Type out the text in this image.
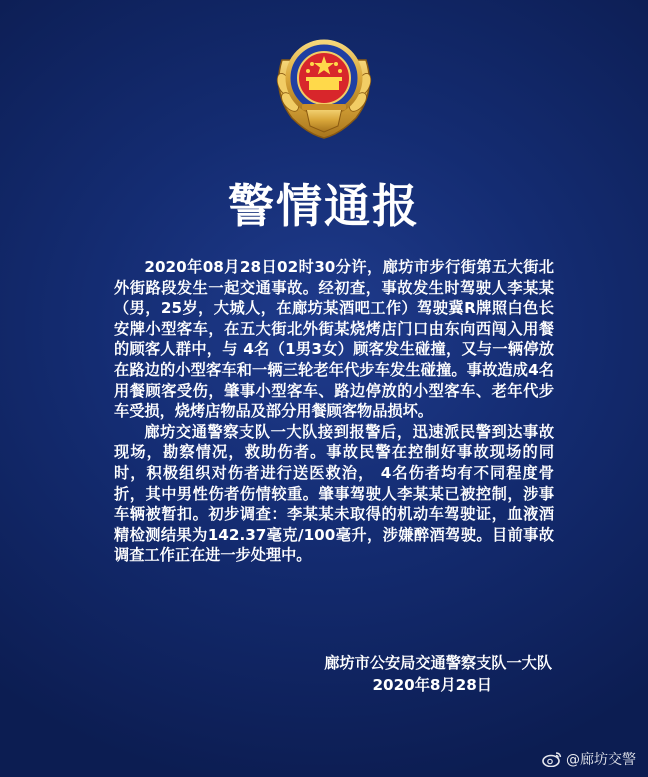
警情通报

2020年08月28日02时30分许，廊坊市步行街第五大街北外街路段发生一起交通事故。经初查，事故发生时驾驶人李某某（男，25岁，大城人，在廊坊某酒吧工作）驾驶冀R牌照白色长安牌小型客车，在五大街北外街某烧烤店门口由东向西闯入用餐的顾客人群中，与 4名（1男3女）顾客发生碰撞，又与一辆停放在路边的小型客车和一辆三轮老年代步车发生碰撞。事故造成4名用餐顾客受伤，肇事小型客车、路边停放的小型客车、老年代步车受损，烧烤店物品及部分用餐顾客物品损坏。

廊坊交通警察支队一大队接到报警后，迅速派民警到达事故现场，勘察情况，救助伤者。事故民警在控制好事故现场的同时，积极组织对伤者进行送医救治， 4名伤者均有不同程度骨折，其中男性伤者伤情较重。肇事驾驶人李某某已被控制，涉事车辆被暂扣。初步调查：李某某未取得的机动车驾驶证，血液酒精检测结果为142.37毫克/100毫升，涉嫌醉酒驾驶。目前事故调查工作正在进一步处理中。

廊坊市公安局交通警察支队一大队
2020年8月28日
@廊坊交警
